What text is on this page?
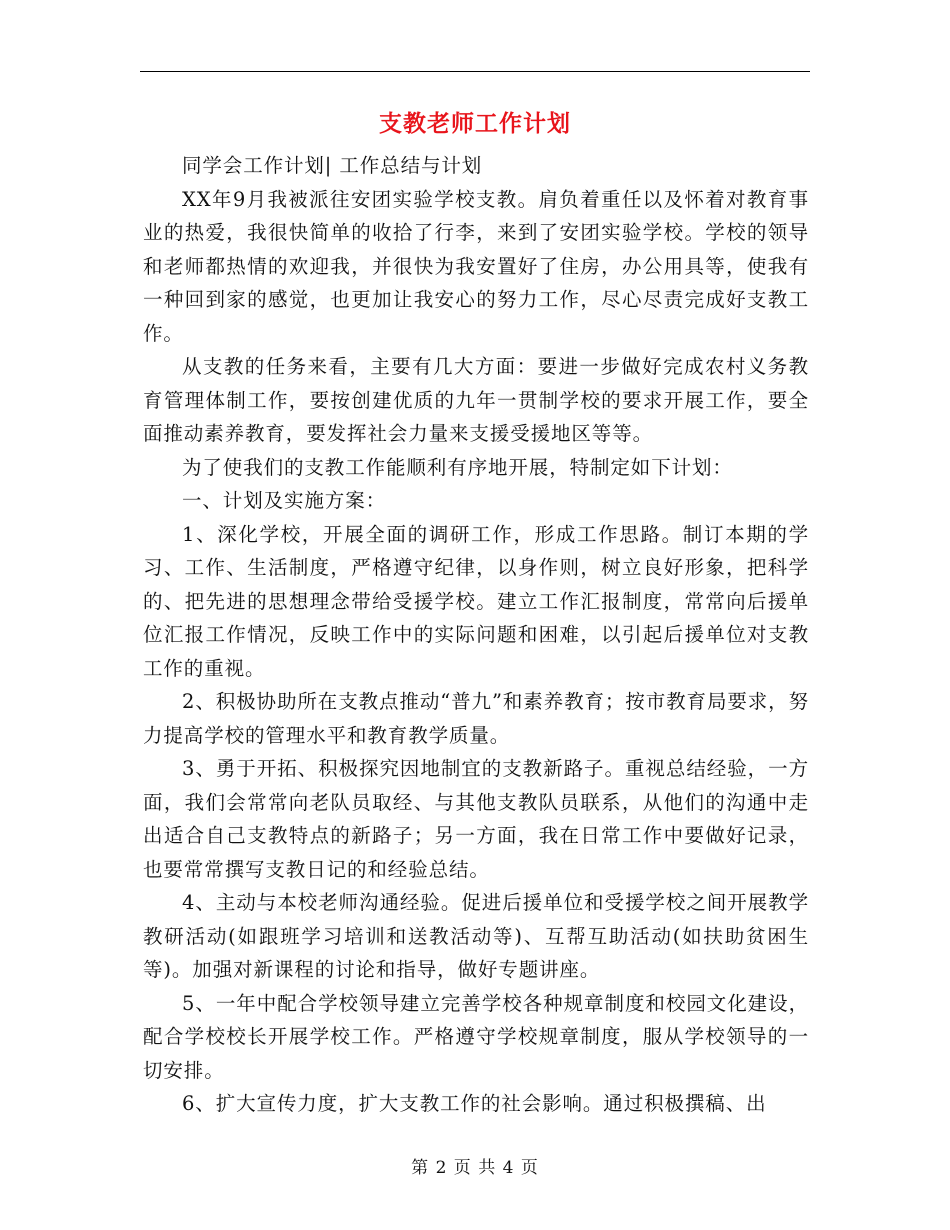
支教老师工作计划

同学会工作计划| 工作总结与计划

XX年9月我被派往安团实验学校支教。肩负着重任以及怀着对教育事业的热爱，我很快简单的收拾了行李，来到了安团实验学校。学校的领导和老师都热情的欢迎我，并很快为我安置好了住房，办公用具等，使我有一种回到家的感觉，也更加让我安心的努力工作，尽心尽责完成好支教工作。

从支教的任务来看，主要有几大方面：要进一步做好完成农村义务教育管理体制工作，要按创建优质的九年一贯制学校的要求开展工作，要全面推动素养教育，要发挥社会力量来支援受援地区等等。

为了使我们的支教工作能顺利有序地开展，特制定如下计划：

一、计划及实施方案：

1、深化学校，开展全面的调研工作，形成工作思路。制订本期的学习、工作、生活制度，严格遵守纪律，以身作则，树立良好形象，把科学的、把先进的思想理念带给受援学校。建立工作汇报制度，常常向后援单位汇报工作情况，反映工作中的实际问题和困难，以引起后援单位对支教工作的重视。

2、积极协助所在支教点推动“普九”和素养教育；按市教育局要求，努力提高学校的管理水平和教育教学质量。

3、勇于开拓、积极探究因地制宜的支教新路子。重视总结经验，一方面，我们会常常向老队员取经、与其他支教队员联系，从他们的沟通中走出适合自己支教特点的新路子；另一方面，我在日常工作中要做好记录，也要常常撰写支教日记的和经验总结。

4、主动与本校老师沟通经验。促进后援单位和受援学校之间开展教学教研活动(如跟班学习培训和送教活动等)、互帮互助活动(如扶助贫困生等)。加强对新课程的讨论和指导，做好专题讲座。

5、一年中配合学校领导建立完善学校各种规章制度和校园文化建设，配合学校校长开展学校工作。严格遵守学校规章制度，服从学校领导的一切安排。

6、扩大宣传力度，扩大支教工作的社会影响。通过积极撰稿、出

第 2 页 共 4 页
